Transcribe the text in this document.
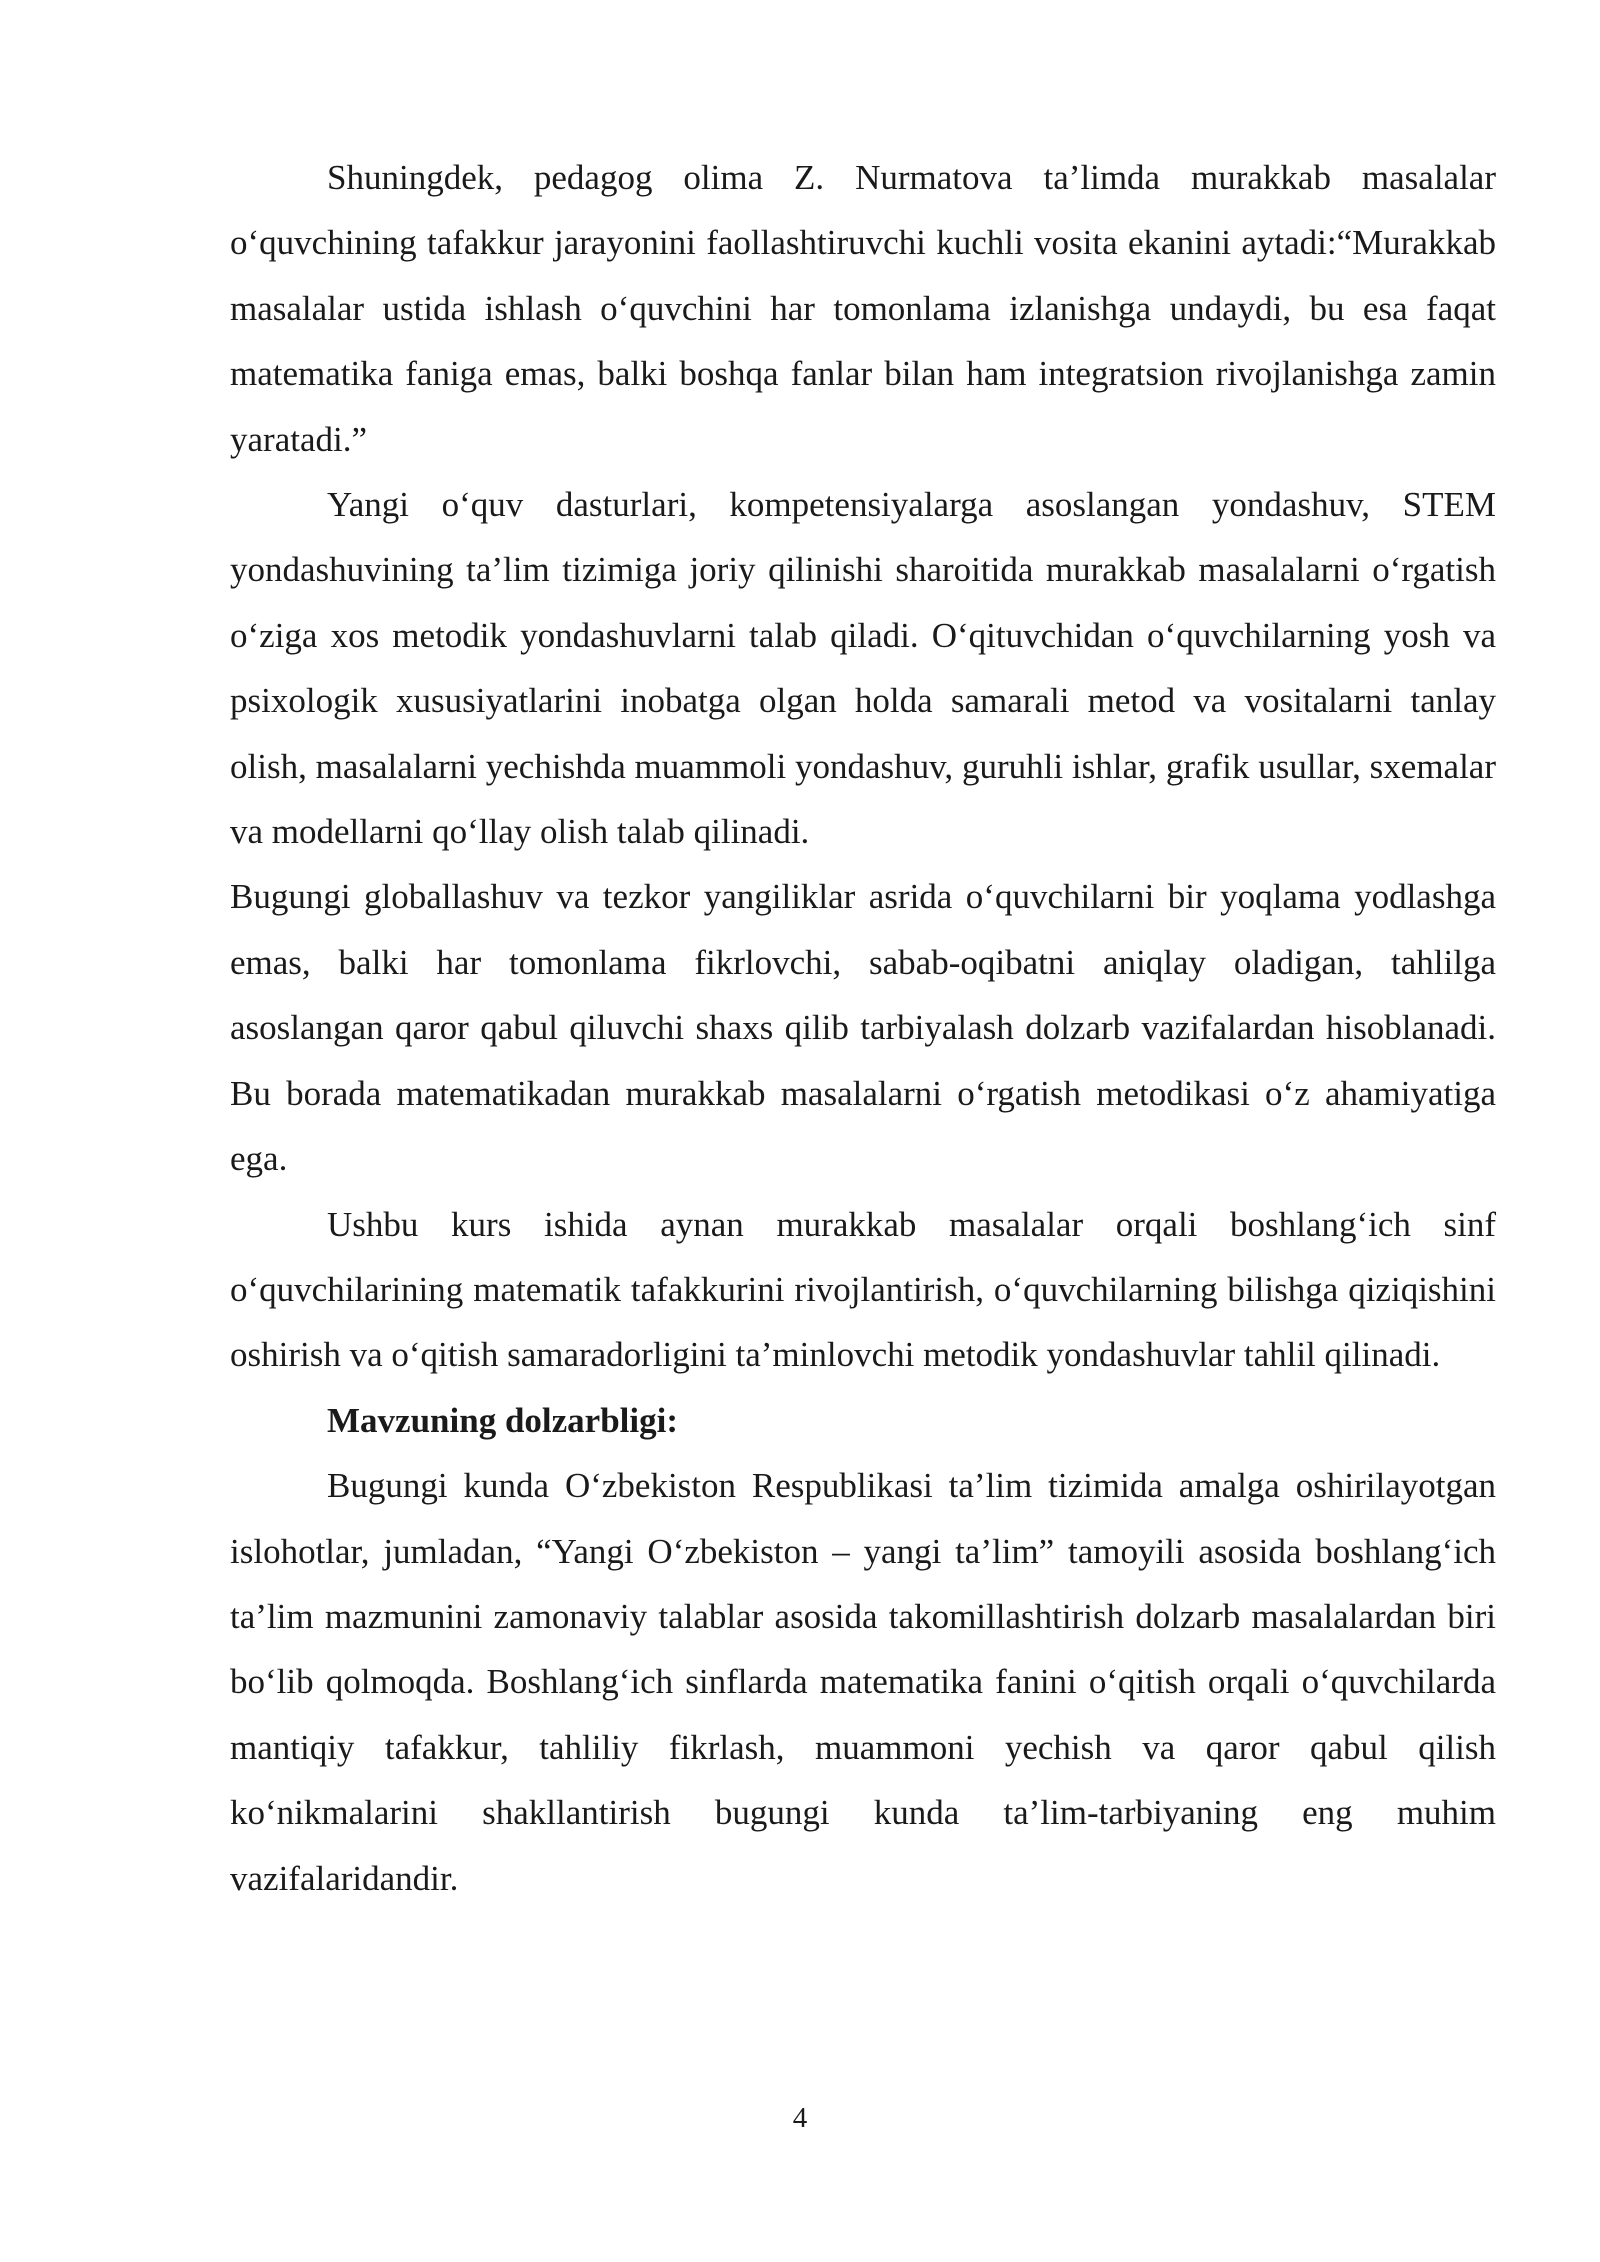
Shuningdek, pedagog olima Z. Nurmatova ta’limda murakkab masalalar o‘quvchining tafakkur jarayonini faollashtiruvchi kuchli vosita ekanini aytadi:“Murakkab masalalar ustida ishlash o‘quvchini har tomonlama izlanishga undaydi, bu esa faqat matematika faniga emas, balki boshqa fanlar bilan ham integratsion rivojlanishga zamin yaratadi.”

Yangi o‘quv dasturlari, kompetensiyalarga asoslangan yondashuv, STEM yondashuvining ta’lim tizimiga joriy qilinishi sharoitida murakkab masalalarni o‘rgatish o‘ziga xos metodik yondashuvlarni talab qiladi. O‘qituvchidan o‘quvchilarning yosh va psixologik xususiyatlarini inobatga olgan holda samarali metod va vositalarni tanlay olish, masalalarni yechishda muammoli yondashuv, guruhli ishlar, grafik usullar, sxemalar va modellarni qo‘llay olish talab qilinadi.

Bugungi globallashuv va tezkor yangiliklar asrida o‘quvchilarni bir yoqlama yodlashga emas, balki har tomonlama fikrlovchi, sabab-oqibatni aniqlay oladigan, tahlilga asoslangan qaror qabul qiluvchi shaxs qilib tarbiyalash dolzarb vazifalardan hisoblanadi. Bu borada matematikadan murakkab masalalarni o‘rgatish metodikasi o‘z ahamiyatiga ega.

Ushbu kurs ishida aynan murakkab masalalar orqali boshlang‘ich sinf o‘quvchilarining matematik tafakkurini rivojlantirish, o‘quvchilarning bilishga qiziqishini oshirish va o‘qitish samaradorligini ta’minlovchi metodik yondashuvlar tahlil qilinadi.

Mavzuning dolzarbligi:

Bugungi kunda O‘zbekiston Respublikasi ta’lim tizimida amalga oshirilayotgan islohotlar, jumladan, “Yangi O‘zbekiston – yangi ta’lim” tamoyili asosida boshlang‘ich ta’lim mazmunini zamonaviy talablar asosida takomillashtirish dolzarb masalalardan biri bo‘lib qolmoqda. Boshlang‘ich sinflarda matematika fanini o‘qitish orqali o‘quvchilarda mantiqiy tafakkur, tahliliy fikrlash, muammoni yechish va qaror qabul qilish ko‘nikmalarini shakllantirish bugungi kunda ta’lim-tarbiyaning eng muhim vazifalaridandir.

4
